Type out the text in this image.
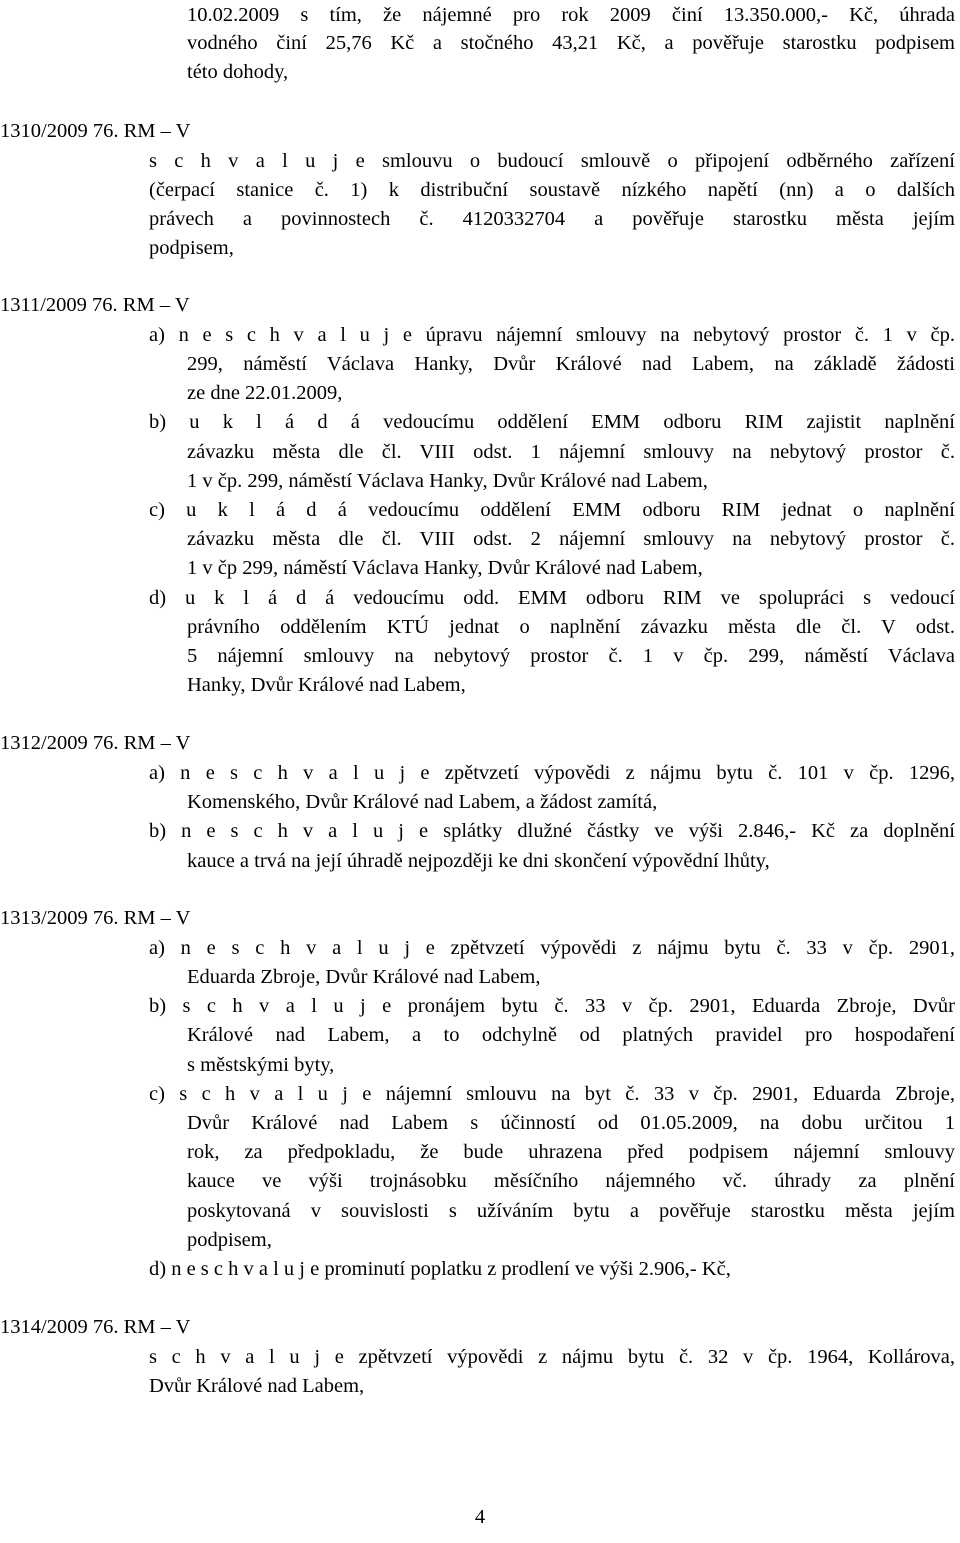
10.02.2009 s tím, že nájemné pro rok 2009 činí 13.350.000,- Kč, úhrada
vodného činí 25,76 Kč a stočného 43,21 Kč, a pověřuje starostku podpisem
této dohody,
1310/2009 76. RM – V
s c h v a l u j e smlouvu o budoucí smlouvě o připojení odběrného zařízení
(čerpací stanice č. 1) k distribuční soustavě nízkého napětí (nn) a o dalších
právech a povinnostech č. 4120332704 a pověřuje starostku města jejím
podpisem,
1311/2009 76. RM – V
a) n e s c h v a l u j e úpravu nájemní smlouvy na nebytový prostor č. 1 v čp.
299, náměstí Václava Hanky, Dvůr Králové nad Labem, na základě žádosti
ze dne 22.01.2009,
b) u k l á d á vedoucímu oddělení EMM odboru RIM zajistit naplnění
závazku města dle čl. VIII odst. 1 nájemní smlouvy na nebytový prostor č.
1 v čp. 299, náměstí Václava Hanky, Dvůr Králové nad Labem,
c) u k l á d á vedoucímu oddělení EMM odboru RIM jednat o naplnění
závazku města dle čl. VIII odst. 2 nájemní smlouvy na nebytový prostor č.
1 v čp 299, náměstí Václava Hanky, Dvůr Králové nad Labem,
d) u k l á d á vedoucímu odd. EMM odboru RIM ve spolupráci s vedoucí
právního oddělením KTÚ jednat o naplnění závazku města dle čl. V odst.
5 nájemní smlouvy na nebytový prostor č. 1 v čp. 299, náměstí Václava
Hanky, Dvůr Králové nad Labem,
1312/2009 76. RM – V
a) n e s c h v a l u j e zpětvzetí výpovědi z nájmu bytu č. 101 v čp. 1296,
Komenského, Dvůr Králové nad Labem, a žádost zamítá,
b) n e s c h v a l u j e splátky dlužné částky ve výši 2.846,- Kč za doplnění
kauce a trvá na její úhradě nejpozději ke dni skončení výpovědní lhůty,
1313/2009 76. RM – V
a) n e s c h v a l u j e zpětvzetí výpovědi z nájmu bytu č. 33 v čp. 2901,
Eduarda Zbroje, Dvůr Králové nad Labem,
b) s c h v a l u j e pronájem bytu č. 33 v čp. 2901, Eduarda Zbroje, Dvůr
Králové nad Labem, a to odchylně od platných pravidel pro hospodaření
s městskými byty,
c) s c h v a l u j e nájemní smlouvu na byt č. 33 v čp. 2901, Eduarda Zbroje,
Dvůr Králové nad Labem s účinností od 01.05.2009, na dobu určitou 1
rok, za předpokladu, že bude uhrazena před podpisem nájemní smlouvy
kauce ve výši trojnásobku měsíčního nájemného vč. úhrady za plnění
poskytovaná v souvislosti s užíváním bytu a pověřuje starostku města jejím
podpisem,
d) n e s c h v a l u j e prominutí poplatku z prodlení ve výši 2.906,- Kč,
1314/2009 76. RM – V
s c h v a l u j e zpětvzetí výpovědi z nájmu bytu č. 32 v čp. 1964, Kollárova,
Dvůr Králové nad Labem,
4
